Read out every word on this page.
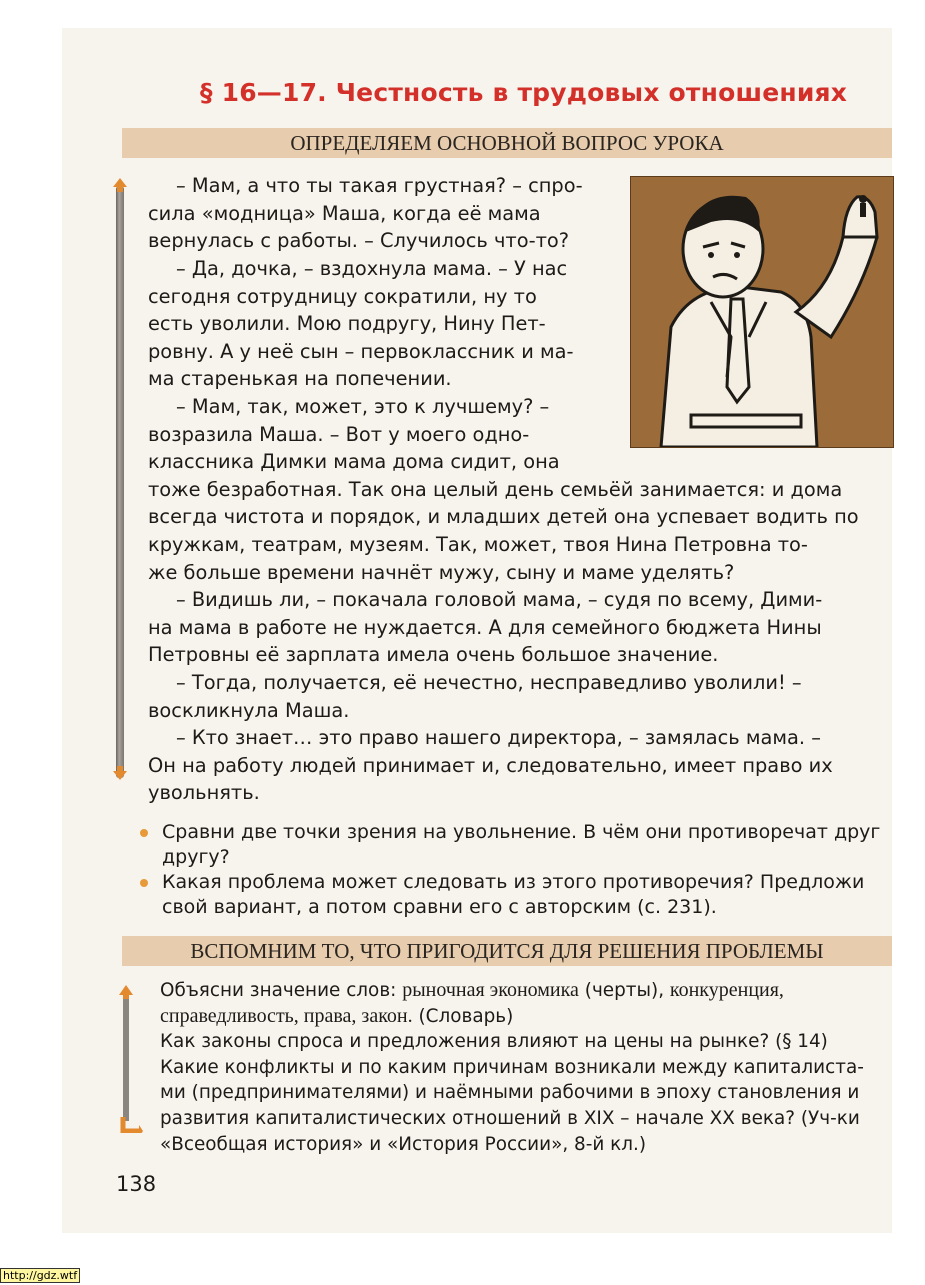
§ 16—17. Честность в трудовых отношениях
ОПРЕДЕЛЯЕМ ОСНОВНОЙ ВОПРОС УРОКА
– Мам, а что ты такая грустная? – спро-
сила «модница» Маша, когда её мама
вернулась с работы. – Случилось что-то?
– Да, дочка, – вздохнула мама. – У нас
сегодня сотрудницу сократили, ну то
есть уволили. Мою подругу, Нину Пет-
ровну. А у неё сын – первоклассник и ма-
ма старенькая на попечении.
– Мам, так, может, это к лучшему? –
возразила Маша. – Вот у моего одно-
классника Димки мама дома сидит, она
тоже безработная. Так она целый день семьёй занимается: и дома
всегда чистота и порядок, и младших детей она успевает водить по
кружкам, театрам, музеям. Так, может, твоя Нина Петровна то-
же больше времени начнёт мужу, сыну и маме уделять?
– Видишь ли, – покачала головой мама, – судя по всему, Дими-
на мама в работе не нуждается. А для семейного бюджета Нины
Петровны её зарплата имела очень большое значение.
– Тогда, получается, её нечестно, несправедливо уволили! –
воскликнула Маша.
– Кто знает… это право нашего директора, – замялась мама. –
Он на работу людей принимает и, следовательно, имеет право их
увольнять.
Сравни две точки зрения на увольнение. В чём они противоречат друг
другу?
Какая проблема может следовать из этого противоречия? Предложи
свой вариант, а потом сравни его с авторским (с. 231).
ВСПОМНИМ ТО, ЧТО ПРИГОДИТСЯ ДЛЯ РЕШЕНИЯ ПРОБЛЕМЫ
Объясни значение слов: рыночная экономика (черты), конкуренция,
справедливость, права, закон. (Словарь)
Как законы спроса и предложения влияют на цены на рынке? (§ 14)
Какие конфликты и по каким причинам возникали между капиталиста-
ми (предпринимателями) и наёмными рабочими в эпоху становления и
развития капиталистических отношений в XIX – начале XX века? (Уч-ки
«Всеобщая история» и «История России», 8-й кл.)
138
http://gdz.wtf
